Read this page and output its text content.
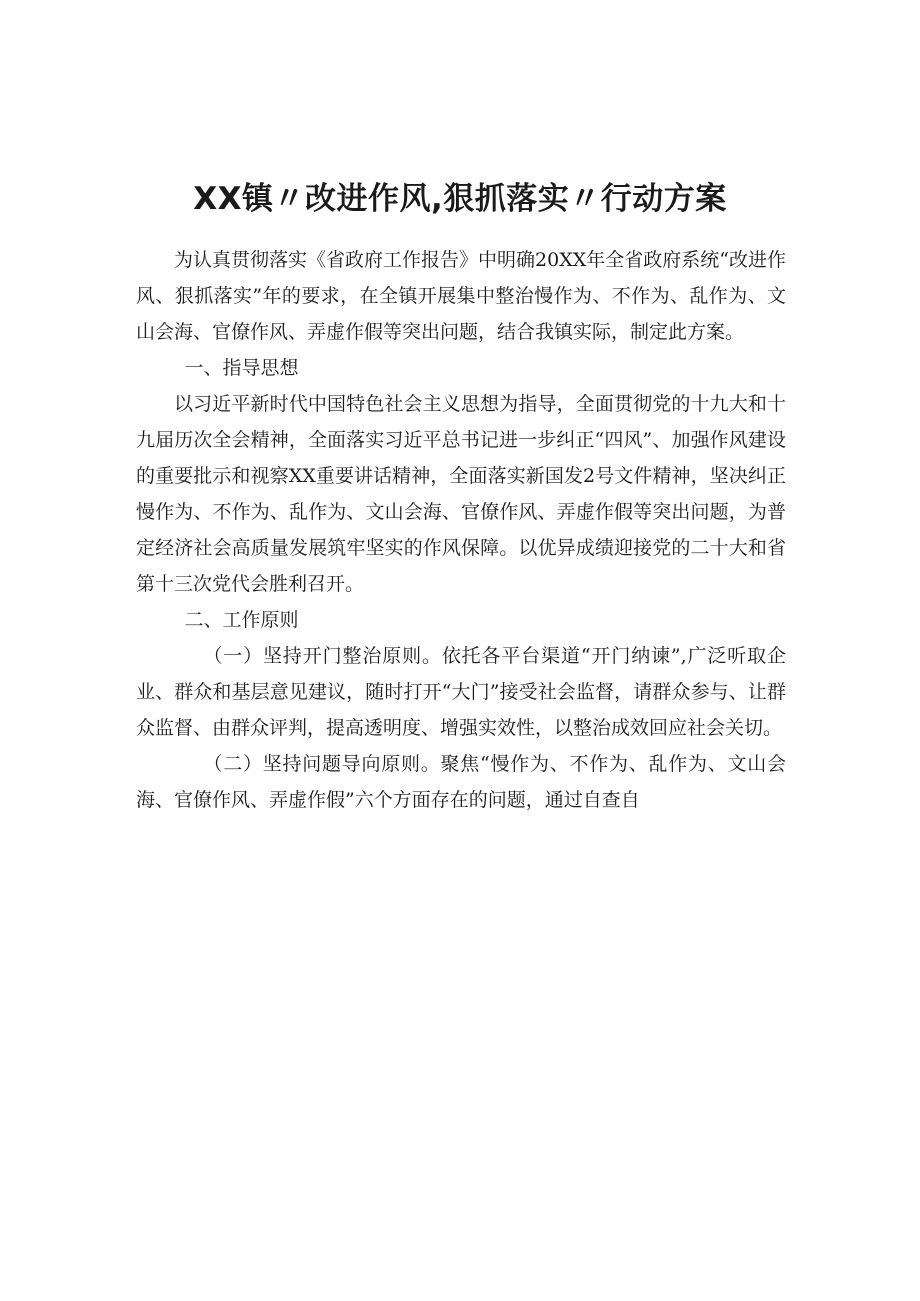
XX镇〃改进作风,狠抓落实〃行动方案

为认真贯彻落实《省政府工作报告》中明确20XX年全省政府系统“改进作风、狠抓落实”年的要求，在全镇开展集中整治慢作为、不作为、乱作为、文山会海、官僚作风、弄虚作假等突出问题，结合我镇实际，制定此方案。

一、指导思想

以习近平新时代中国特色社会主义思想为指导，全面贯彻党的十九大和十九届历次全会精神，全面落实习近平总书记进一步纠正“四风”、加强作风建设的重要批示和视察XX重要讲话精神，全面落实新国发2号文件精神，坚决纠正慢作为、不作为、乱作为、文山会海、官僚作风、弄虚作假等突出问题，为普定经济社会高质量发展筑牢坚实的作风保障。以优异成绩迎接党的二十大和省第十三次党代会胜利召开。

二、工作原则

（一）坚持开门整治原则。依托各平台渠道“开门纳谏”,广泛听取企业、群众和基层意见建议，随时打开“大门”接受社会监督，请群众参与、让群众监督、由群众评判，提高透明度、增强实效性，以整治成效回应社会关切。

（二）坚持问题导向原则。聚焦“慢作为、不作为、乱作为、文山会海、官僚作风、弄虚作假”六个方面存在的问题，通过自查自
